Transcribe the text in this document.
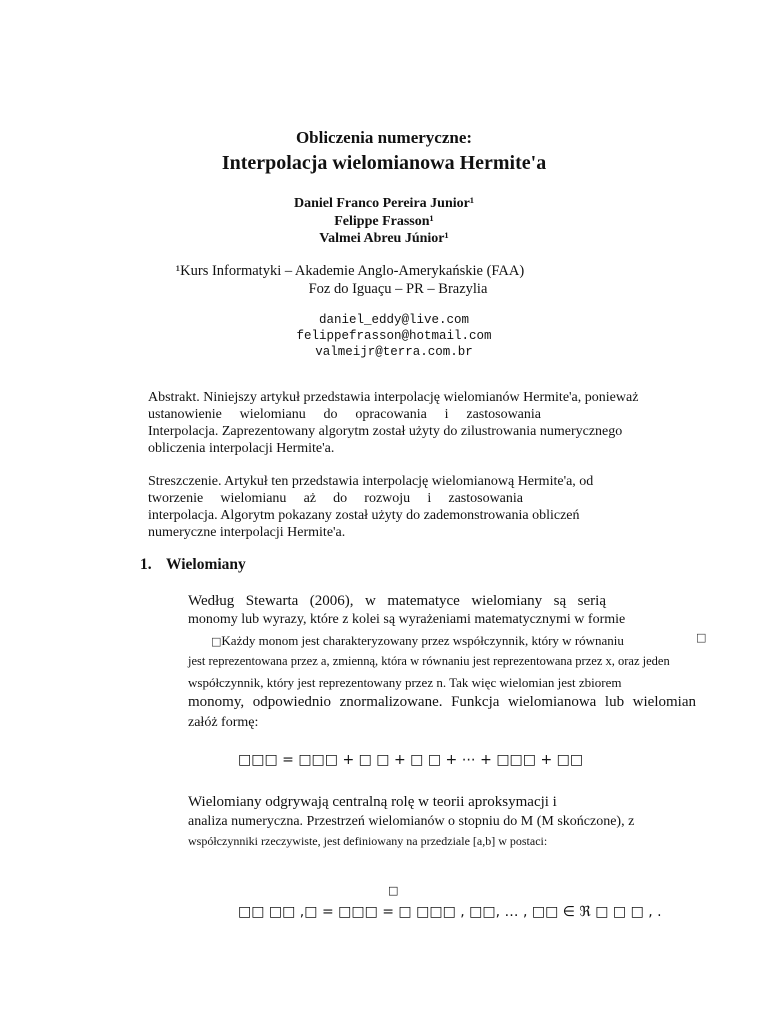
Obliczenia numeryczne:
Interpolacja wielomianowa Hermite'a
Daniel Franco Pereira Junior¹
Felippe Frasson¹
Valmei Abreu Júnior¹
¹Kurs Informatyki – Akademie Anglo-Amerykańskie (FAA)
Foz do Iguaçu – PR – Brazylia
daniel_eddy@live.com
felippefrasson@hotmail.com
valmeijr@terra.com.br
Abstrakt. Niniejszy artykuł przedstawia interpolację wielomianów Hermite'a, ponieważ
ustanowienie wielomianu do opracowania i zastosowania
Interpolacja. Zaprezentowany algorytm został użyty do zilustrowania numerycznego
obliczenia interpolacji Hermite'a.
Streszczenie. Artykuł ten przedstawia interpolację wielomianową Hermite'a, od
tworzenie wielomianu aż do rozwoju i zastosowania
interpolacja. Algorytm pokazany został użyty do zademonstrowania obliczeń
numeryczne interpolacji Hermite'a.
1. Wielomiany
Według Stewarta (2006), w matematyce wielomiany są serią
monomy lub wyrazy, które z kolei są wyrażeniami matematycznymi w formie
□Każdy monom jest charakteryzowany przez współczynnik, który w równaniu	□
jest reprezentowana przez a, zmienną, która w równaniu jest reprezentowana przez x, oraz jeden
współczynnik, który jest reprezentowany przez n. Tak więc wielomian jest zbiorem
monomy, odpowiednio znormalizowane. Funkcja wielomianowa lub wielomian
załóż formę:
□□□ = □□□ + □ □ + □ □ + ⋯ + □□□ + □□
Wielomiany odgrywają centralną rolę w teorii aproksymacji i
analiza numeryczna. Przestrzeń wielomianów o stopniu do M (M skończone), z
współczynniki rzeczywiste, jest definiowany na przedziale [a,b] w postaci:
□
□□ □□ ,□ = □□□ = □ □□□ , □□, … , □□ ∈ ℜ □ □ □ , .
